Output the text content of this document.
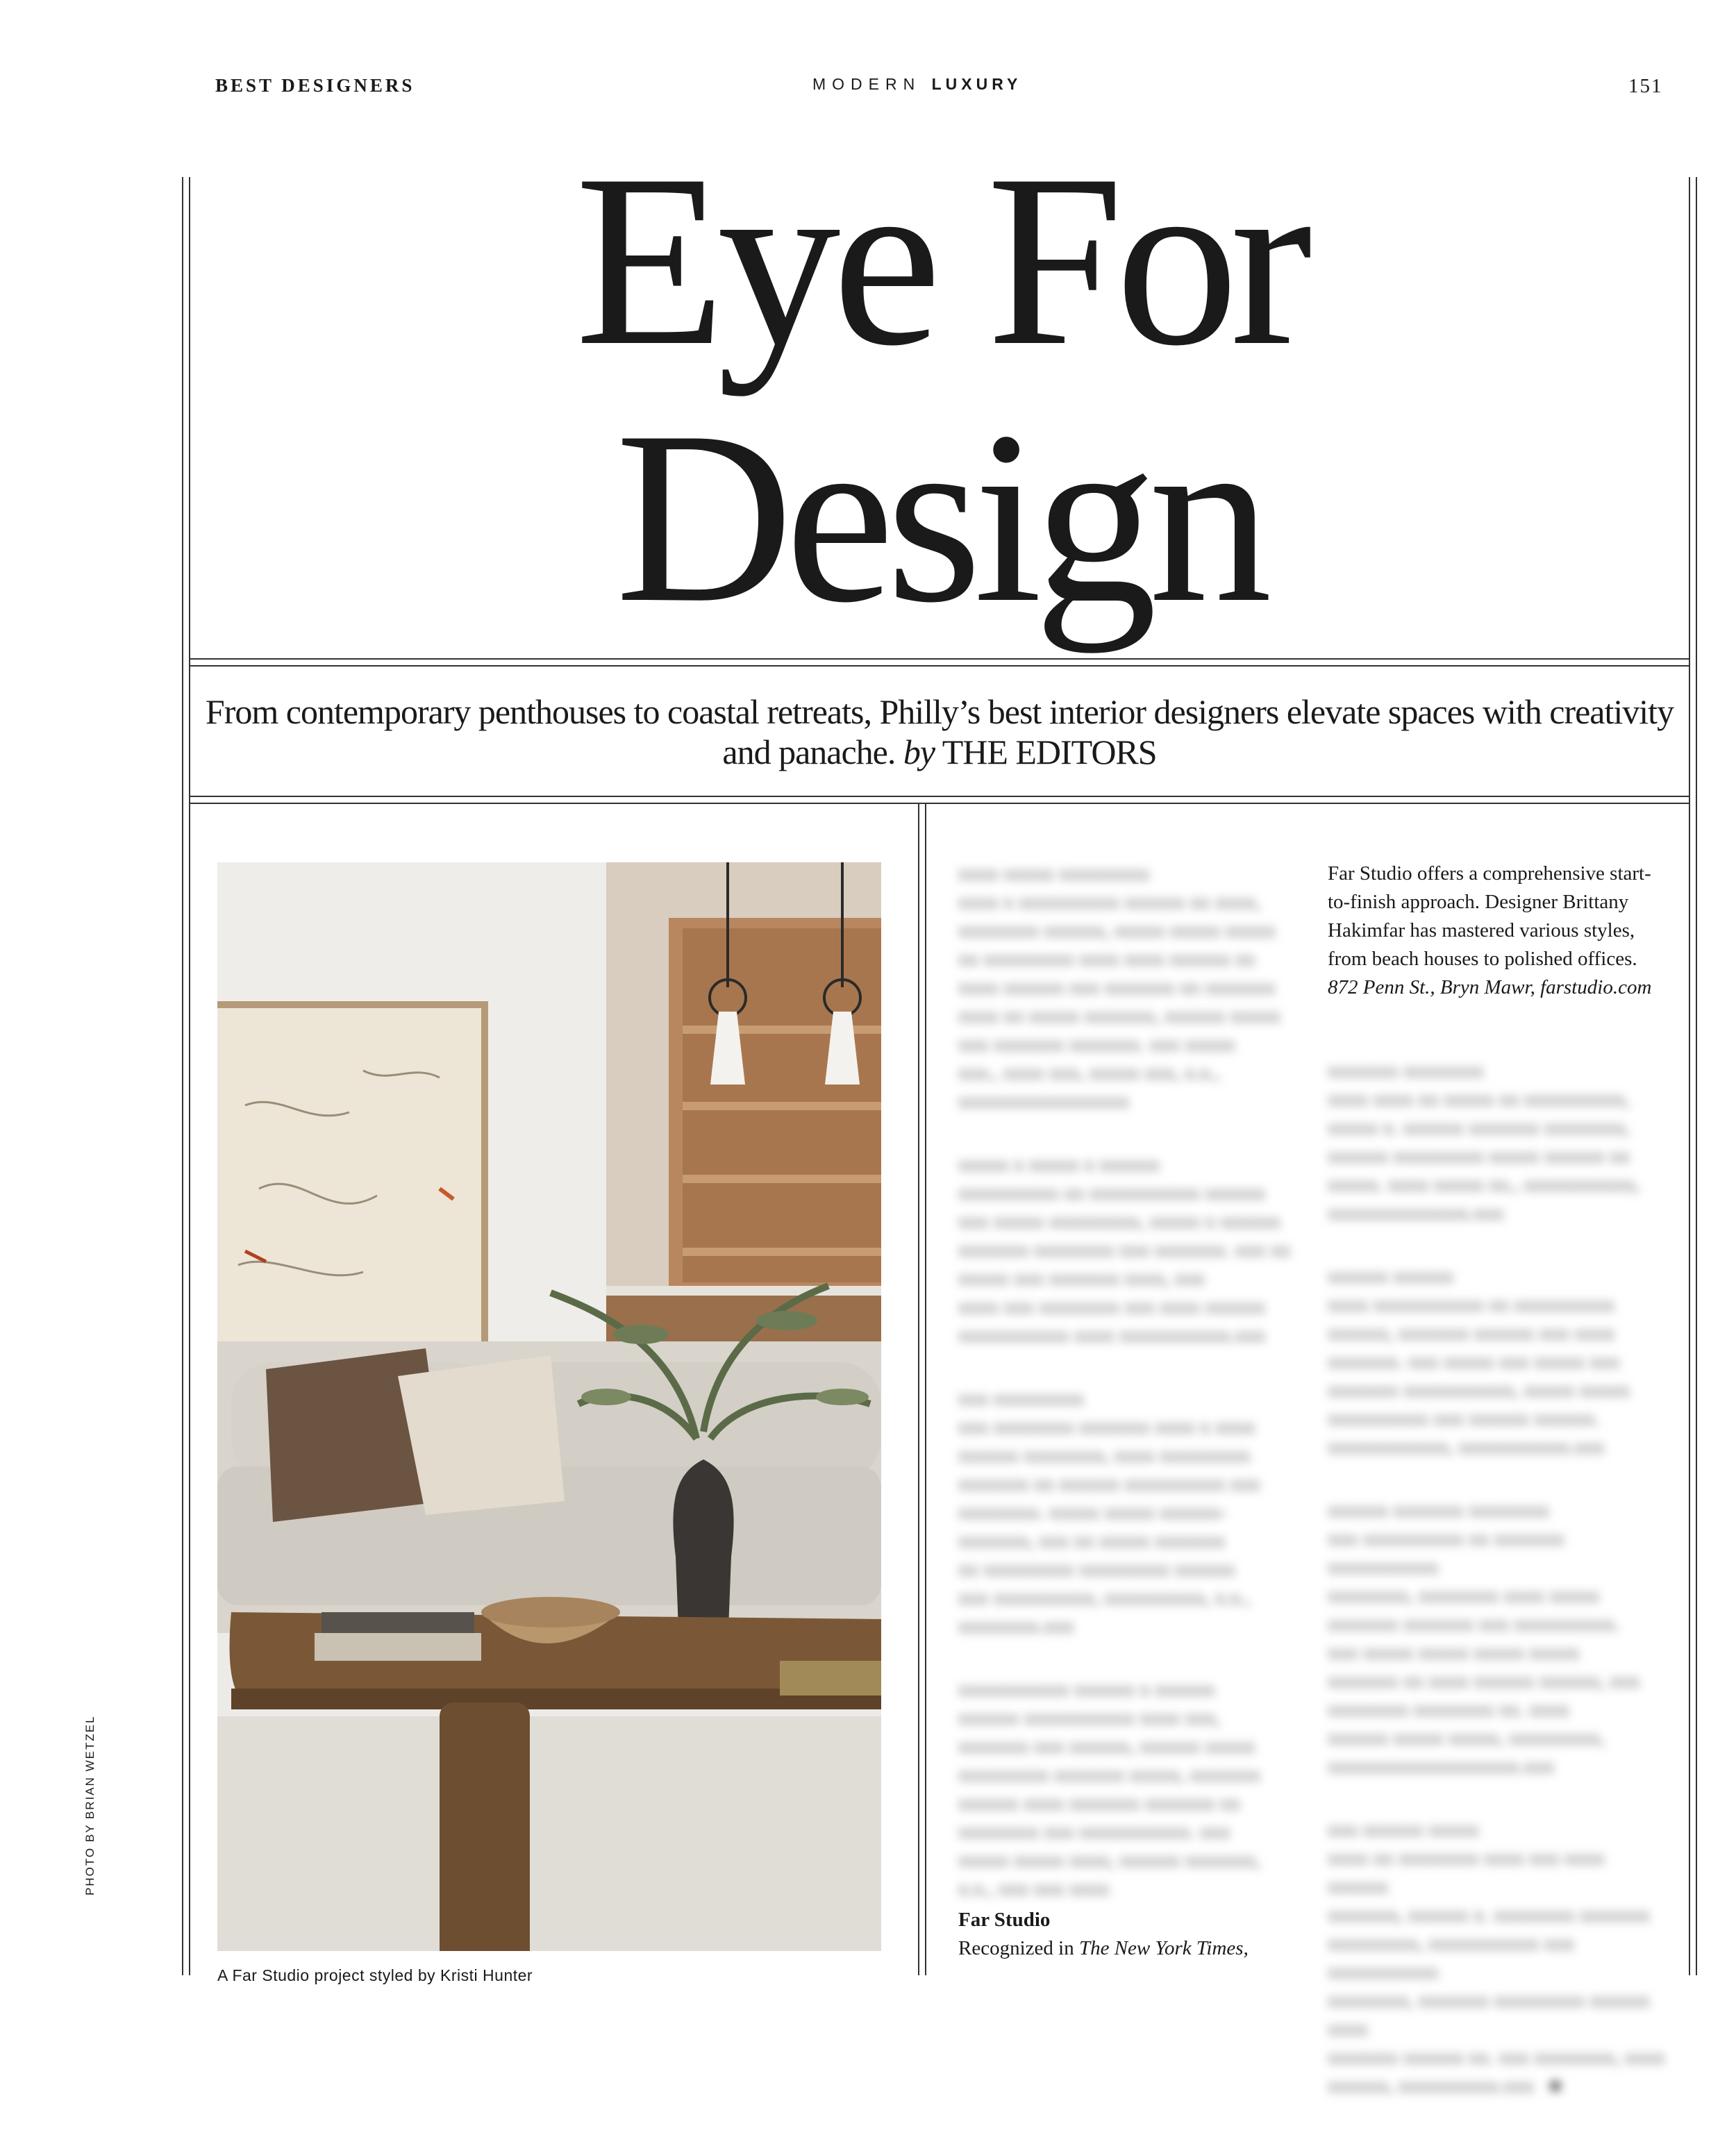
BEST DESIGNERS	MODERN LUXURY	151
Eye For
Design
From contemporary penthouses to coastal retreats, Philly’s best interior designers elevate spaces with creativity and panache. by THE EDITORS
A Far Studio project styled by Kristi Hunter
PHOTO BY BRIAN WETZEL

xxxx xxxxx xxxxxxxxx
xxxx x xxxxxxxxxx xxxxxx xx xxxx,
xxxxxxxx xxxxxx, xxxxx xxxxx xxxxx
xx xxxxxxxxx xxxx xxxx xxxxxx xx
xxxx xxxxxx xxx xxxxxxx xx xxxxxxx
xxxx xx xxxxx xxxxxxx, xxxxxx xxxxx
xxx xxxxxxx xxxxxxx. xxx xxxxx
xxx., xxxx xxx, xxxxx xxx, x.x.,
xxxxxxxxxxxxxxxxx

xxxxx x xxxxx x xxxxxx
xxxxxxxxxx xx xxxxxxxxxxx xxxxxx
xxx xxxxx xxxxxxxxx, xxxxx x xxxxxx
xxxxxxx xxxxxxxx xxx xxxxxxx. xxx xx
xxxxx xxx xxxxxxx xxxx, xxx
xxxx xxx xxxxxxxx xxx xxxx xxxxxx
xxxxxxxxxxx xxxx xxxxxxxxxxx.xxx

xxx xxxxxxxxx
xxx xxxxxxxx xxxxxxx xxxx x xxxx
xxxxxx xxxxxxxx, xxxx xxxxxxxxx
xxxxxxx xx xxxxxx xxxxxxxxxx xxx
xxxxxxxx. xxxxx xxxxx xxxxxx-
xxxxxxx, xxx xx xxxxx xxxxxxx
xx xxxxxxxxx xxxxxxxxx xxxxxx
xxx xxxxxxxxxx, xxxxxxxxxx, x.x.,
xxxxxxxx.xxx

xxxxxxxxxxx xxxxxx x xxxxxx
xxxxxx xxxxxxxxxxx xxxx xxx,
xxxxxxx xxx xxxxxx, xxxxxx xxxxx
xxxxxxxxx xxxxxxx xxxxx, xxxxxxx
xxxxxx xxxx xxxxxxx xxxxxxx xx
xxxxxxxx xxx xxxxxxxxxxx. xxx
xxxxx xxxxx xxxx, xxxxxx xxxxxxx,
x.x., xxx xxx xxxx

Far Studio offers a comprehensive start-to-finish approach. Designer Brittany Hakimfar has mastered various styles, from beach houses to polished offices. 872 Penn St., Bryn Mawr, farstudio.com

xxxxxxx xxxxxxxx
xxxx xxxx xx xxxxx xx xxxxxxxxxx,
xxxxx x. xxxxxx xxxxxxx xxxxxxxx,
xxxxxx xxxxxxxxx xxxxx xxxxxx xx
xxxxx. xxxx xxxxx xx., xxxxxxxxxxx,
xxxxxxxxxxxxxx.xxx

xxxxxx xxxxxx
xxxx xxxxxxxxxxx xx xxxxxxxxxx
xxxxxx, xxxxxxx xxxxxx xxx xxxx
xxxxxxx. xxx xxxxx xxx xxxxx xxx
xxxxxxx xxxxxxxxxxx, xxxxx xxxxx
xxxxxxxxxx xxx xxxxxx xxxxxx.
xxxxxxxxxxxx, xxxxxxxxxxx.xxx

xxxxxx xxxxxxx xxxxxxxx
xxx xxxxxxxxxx xx xxxxxxx xxxxxxxxxxx
xxxxxxxx, xxxxxxxx xxxx xxxxx
xxxxxxx xxxxxxx xxx xxxxxxxxxx.
xxx xxxxx xxxxx xxxxx xxxxx
xxxxxxx xx xxxx xxxxxx xxxxxx, xxx
xxxxxxxx xxxxxxxx xx. xxxx
xxxxxx xxxxx xxxxx, xxxxxxxxx,
xxxxxxxxxxxxxxxxxxx.xxx

xxx xxxxxx xxxxx
xxxx xx xxxxxxxx xxxx xxx xxxx xxxxxx
xxxxxxx, xxxxxx x. xxxxxxxx xxxxxxx
xxxxxxxxx, xxxxxxxxxxx xxx xxxxxxxxxxx
xxxxxxxx, xxxxxxx xxxxxxxxx xxxxxx xxxx
xxxxxxx xxxxxx xx. xxx xxxxxxxx, xxxx
xxxxxx, xxxxxxxxxx.xxx   ■

Far Studio
Recognized in The New York Times,
